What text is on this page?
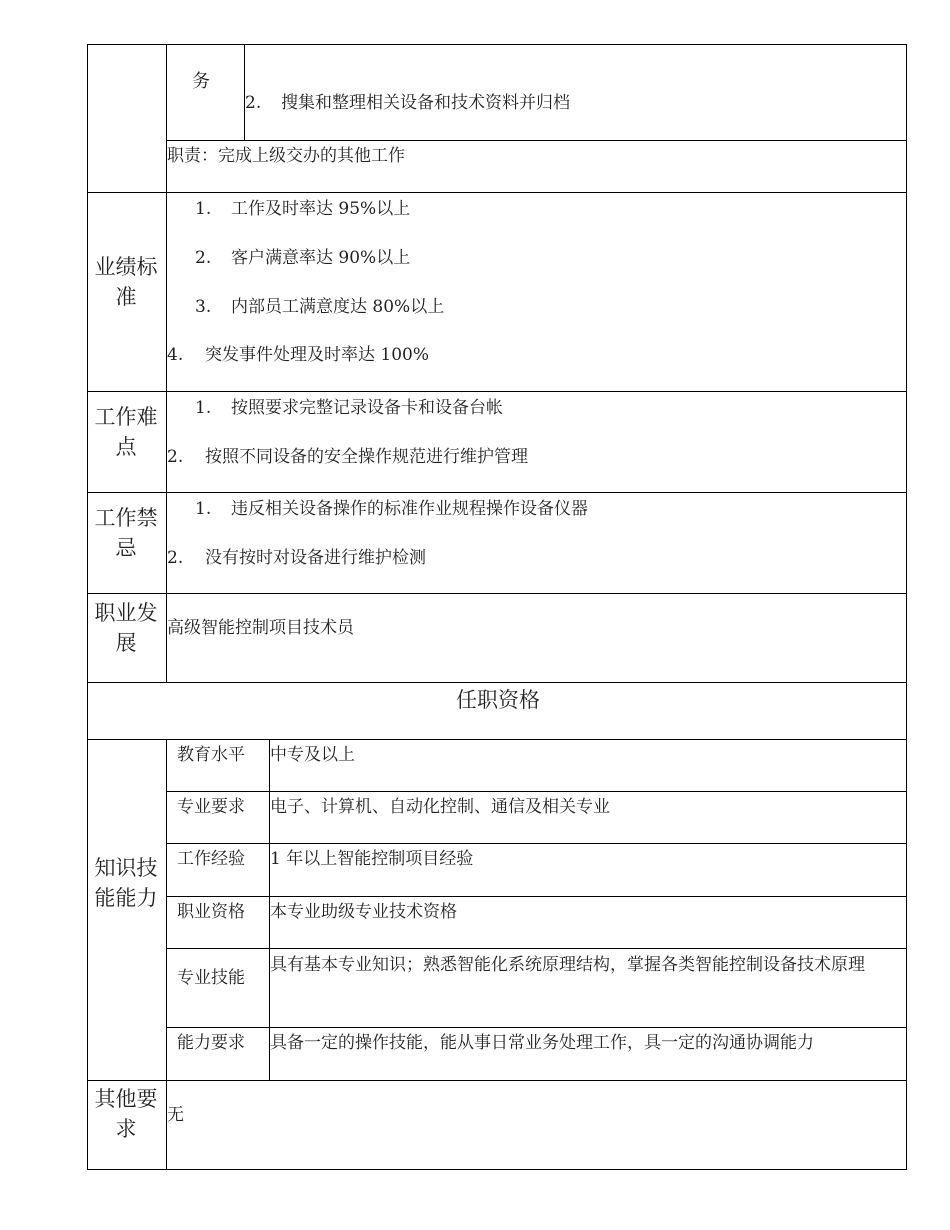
务
2. 搜集和整理相关设备和技术资料并归档
职责：完成上级交办的其他工作
业绩标准
1. 工作及时率达 95%以上
2. 客户满意率达 90%以上
3. 内部员工满意度达 80%以上
4. 突发事件处理及时率达 100%
工作难点
1. 按照要求完整记录设备卡和设备台帐
2. 按照不同设备的安全操作规范进行维护管理
工作禁忌
1. 违反相关设备操作的标准作业规程操作设备仪器
2. 没有按时对设备进行维护检测
职业发展
高级智能控制项目技术员
任职资格
知识技能能力
教育水平 中专及以上
专业要求 电子、计算机、自动化控制、通信及相关专业
工作经验 1 年以上智能控制项目经验
职业资格 本专业助级专业技术资格
专业技能
具有基本专业知识；熟悉智能化系统原理结构，掌握各类智能控制设备技术原理
能力要求 具备一定的操作技能，能从事日常业务处理工作，具一定的沟通协调能力
其他要求
无
